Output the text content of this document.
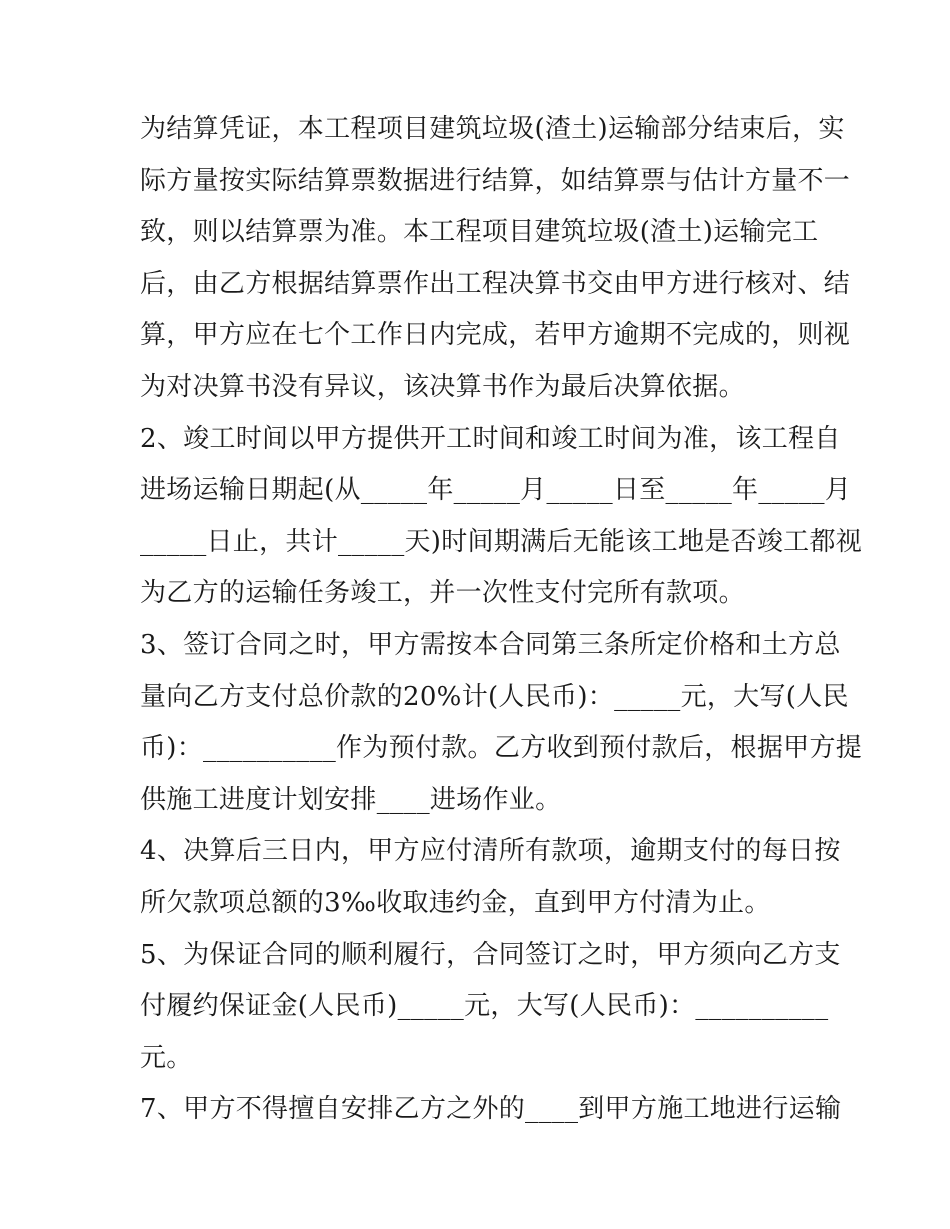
为结算凭证，本工程项目建筑垃圾(渣土)运输部分结束后，实
际方量按实际结算票数据进行结算，如结算票与估计方量不一
致，则以结算票为准。本工程项目建筑垃圾(渣土)运输完工
后，由乙方根据结算票作出工程决算书交由甲方进行核对、结
算，甲方应在七个工作日内完成，若甲方逾期不完成的，则视
为对决算书没有异议，该决算书作为最后决算依据。
2、竣工时间以甲方提供开工时间和竣工时间为准，该工程自
进场运输日期起(从_____年_____月_____日至_____年_____月
_____日止，共计_____天)时间期满后无能该工地是否竣工都视
为乙方的运输任务竣工，并一次性支付完所有款项。
3、签订合同之时，甲方需按本合同第三条所定价格和土方总
量向乙方支付总价款的20%计(人民币)：_____元，大写(人民
币)：__________作为预付款。乙方收到预付款后，根据甲方提
供施工进度计划安排____进场作业。
4、决算后三日内，甲方应付清所有款项，逾期支付的每日按
所欠款项总额的3‰收取违约金，直到甲方付清为止。
5、为保证合同的顺利履行，合同签订之时，甲方须向乙方支
付履约保证金(人民币)_____元，大写(人民币)：__________
元。
7、甲方不得擅自安排乙方之外的____到甲方施工地进行运输
